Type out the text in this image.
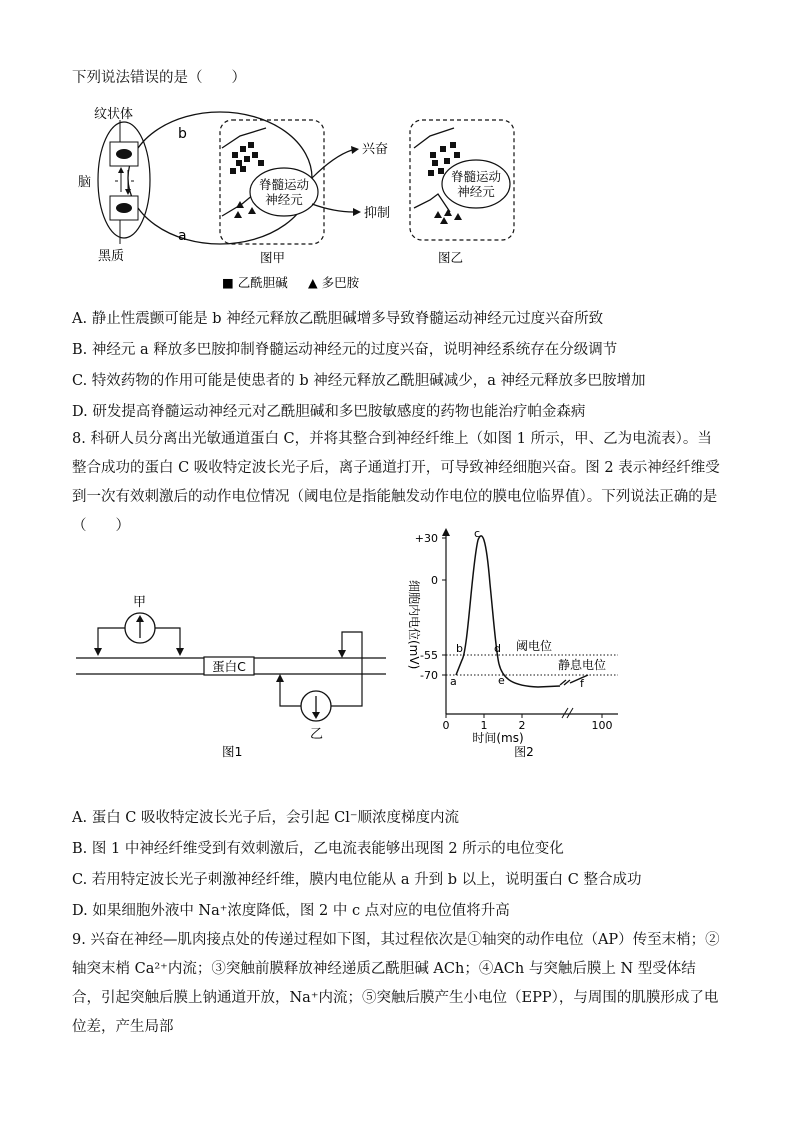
下列说法错误的是（　　）
纹状体
脑
黑质
b
a
脊髓运动
神经元
兴奋
抑制
图甲
脊髓运动
神经元
图乙
■ 乙酰胆碱 ▲ 多巴胺
A. 静止性震颤可能是 b 神经元释放乙酰胆碱增多导致脊髓运动神经元过度兴奋所致
B. 神经元 a 释放多巴胺抑制脊髓运动神经元的过度兴奋，说明神经系统存在分级调节
C. 特效药物的作用可能是使患者的 b 神经元释放乙酰胆碱减少，a 神经元释放多巴胺增加
D. 研发提高脊髓运动神经元对乙酰胆碱和多巴胺敏感度的药物也能治疗帕金森病
8. 科研人员分离出光敏通道蛋白 C，并将其整合到神经纤维上（如图 1 所示，甲、乙为电流表）。当整合成功的蛋白 C 吸收特定波长光子后，离子通道打开，可导致神经细胞兴奋。图 2 表示神经纤维受到一次有效刺激后的动作电位情况（阈电位是指能触发动作电位的膜电位临界值）。下列说法正确的是（　　）
蛋白C
甲
乙
图1
+30
0
-55
-70
0	1	2	100
a
b
c
d
e	f
阈电位
静息电位
细胞内电位(mV)
时间(ms)
图2
A. 蛋白 C 吸收特定波长光子后，会引起 Cl⁻顺浓度梯度内流
B. 图 1 中神经纤维受到有效刺激后，乙电流表能够出现图 2 所示的电位变化
C. 若用特定波长光子刺激神经纤维，膜内电位能从 a 升到 b 以上，说明蛋白 C 整合成功
D. 如果细胞外液中 Na⁺浓度降低，图 2 中 c 点对应的电位值将升高
9. 兴奋在神经—肌肉接点处的传递过程如下图，其过程依次是①轴突的动作电位（AP）传至末梢；②轴突末梢 Ca²⁺内流；③突触前膜释放神经递质乙酰胆碱 ACh；④ACh 与突触后膜上 N 型受体结合，引起突触后膜上钠通道开放，Na⁺内流；⑤突触后膜产生小电位（EPP），与周围的肌膜形成了电位差，产生局部
